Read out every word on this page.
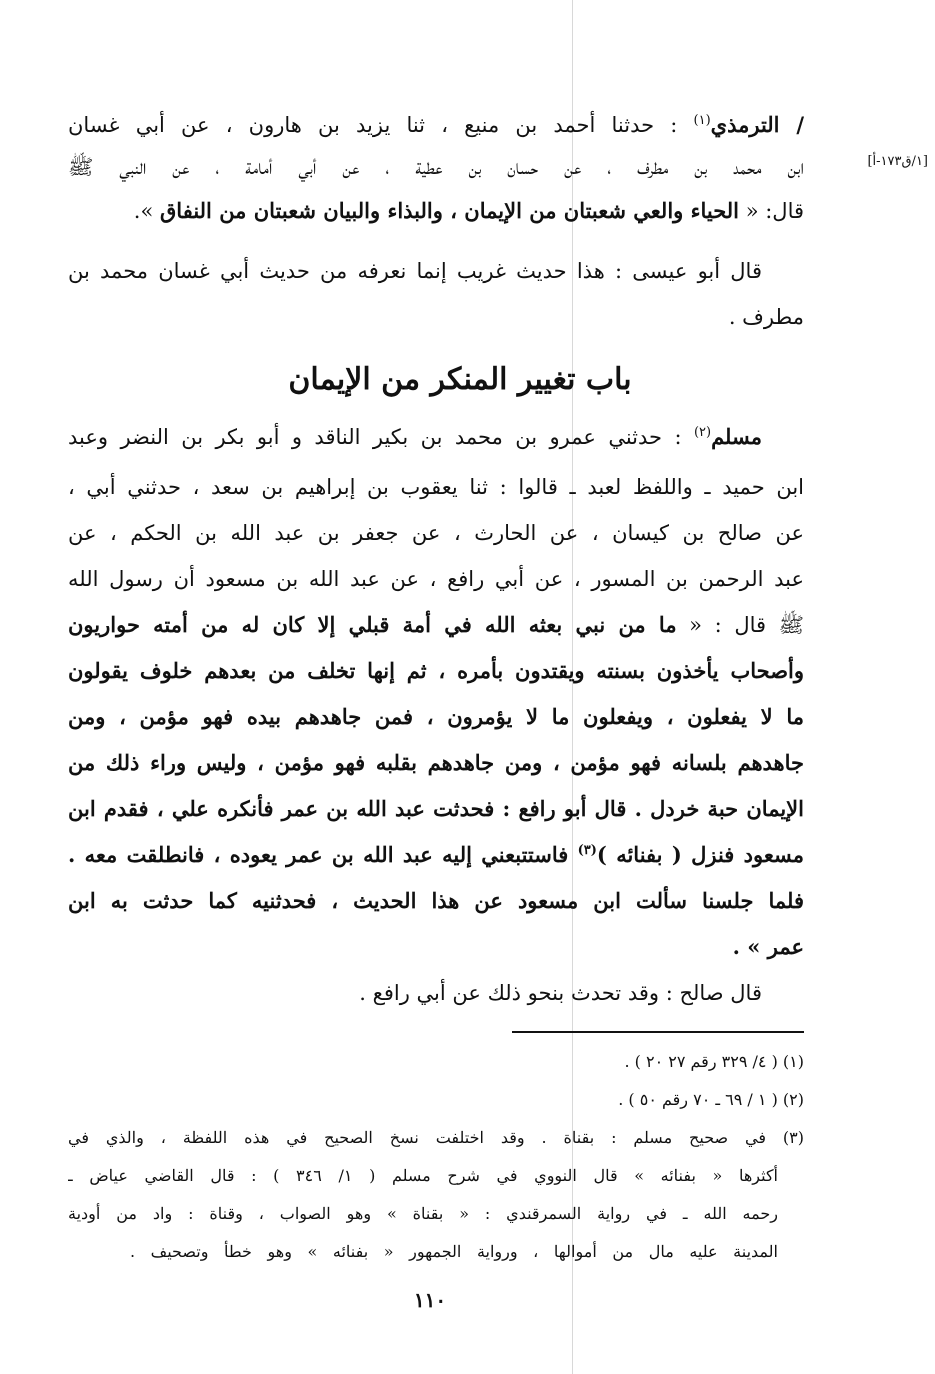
[١/ق١٧٣-أ]
/ الترمذي$^{(١)}$ : حدثنا أحمد بن منيع ، ثنا يزيد بن هارون ، عن أبي غسان
ابن محمد بن مطرف ، عن حسان بن عطية ، عن أبي أمامة ، عن النبي ﷺ
قال: « الحياء والعي شعبتان من الإيمان ، والبذاء والبيان شعبتان من النفاق ».
قال أبو عيسى : هذا حديث غريب إنما نعرفه من حديث أبي غسان محمد بن
مطرف .
باب تغيير المنكر من الإيمان
مسلم$^{(٢)}$ : حدثني عمرو بن محمد بن بكير الناقد و أبو بكر بن النضر وعبد
ابن حميد ـ واللفظ لعبد ـ قالوا : ثنا يعقوب بن إبراهيم بن سعد ، حدثني أبي ،
عن صالح بن كيسان ، عن الحارث ، عن جعفر بن عبد الله بن الحكم ، عن
عبد الرحمن بن المسور ، عن أبي رافع ، عن عبد الله بن مسعود أن رسول الله
ﷺ قال : « ما من نبي بعثه الله في أمة قبلي إلا كان له من أمته حواريون
وأصحاب يأخذون بسنته ويقتدون بأمره ، ثم إنها تخلف من بعدهم خلوف يقولون
ما لا يفعلون ، ويفعلون ما لا يؤمرون ، فمن جاهدهم بيده فهو مؤمن ، ومن
جاهدهم بلسانه فهو مؤمن ، ومن جاهدهم بقلبه فهو مؤمن ، وليس وراء ذلك من
الإيمان حبة خردل . قال أبو رافع : فحدثت عبد الله بن عمر فأنكره علي ، فقدم ابن
مسعود فنزل ( بفنائه )$^{(٣)}$ فاستتبعني إليه عبد الله بن عمر يعوده ، فانطلقت معه .
فلما جلسنا سألت ابن مسعود عن هذا الحديث ، فحدثنيه كما حدثت به ابن
عمر » .
قال صالح : وقد تحدث بنحو ذلك عن أبي رافع .
(١) ( ٤/ ٣٢٩ رقم ٢٧ ٢٠ ) .
(٢) ( ١ / ٦٩ ـ ٧٠ رقم ٥٠ ) .
(٣) في صحيح مسلم : بقناة . وقد اختلفت نسخ الصحيح في هذه اللفظة ، والذي في
أكثرها « بفنائه » قال النووي في شرح مسلم ( ١/ ٣٤٦ ) : قال القاضي عياض ـ
رحمه الله ـ في رواية السمرقندي : « بقناة » وهو الصواب ، وقناة : واد من أودية
المدينة عليه مال من أموالها ، ورواية الجمهور « بفنائه » وهو خطأ وتصحيف .
١١٠
